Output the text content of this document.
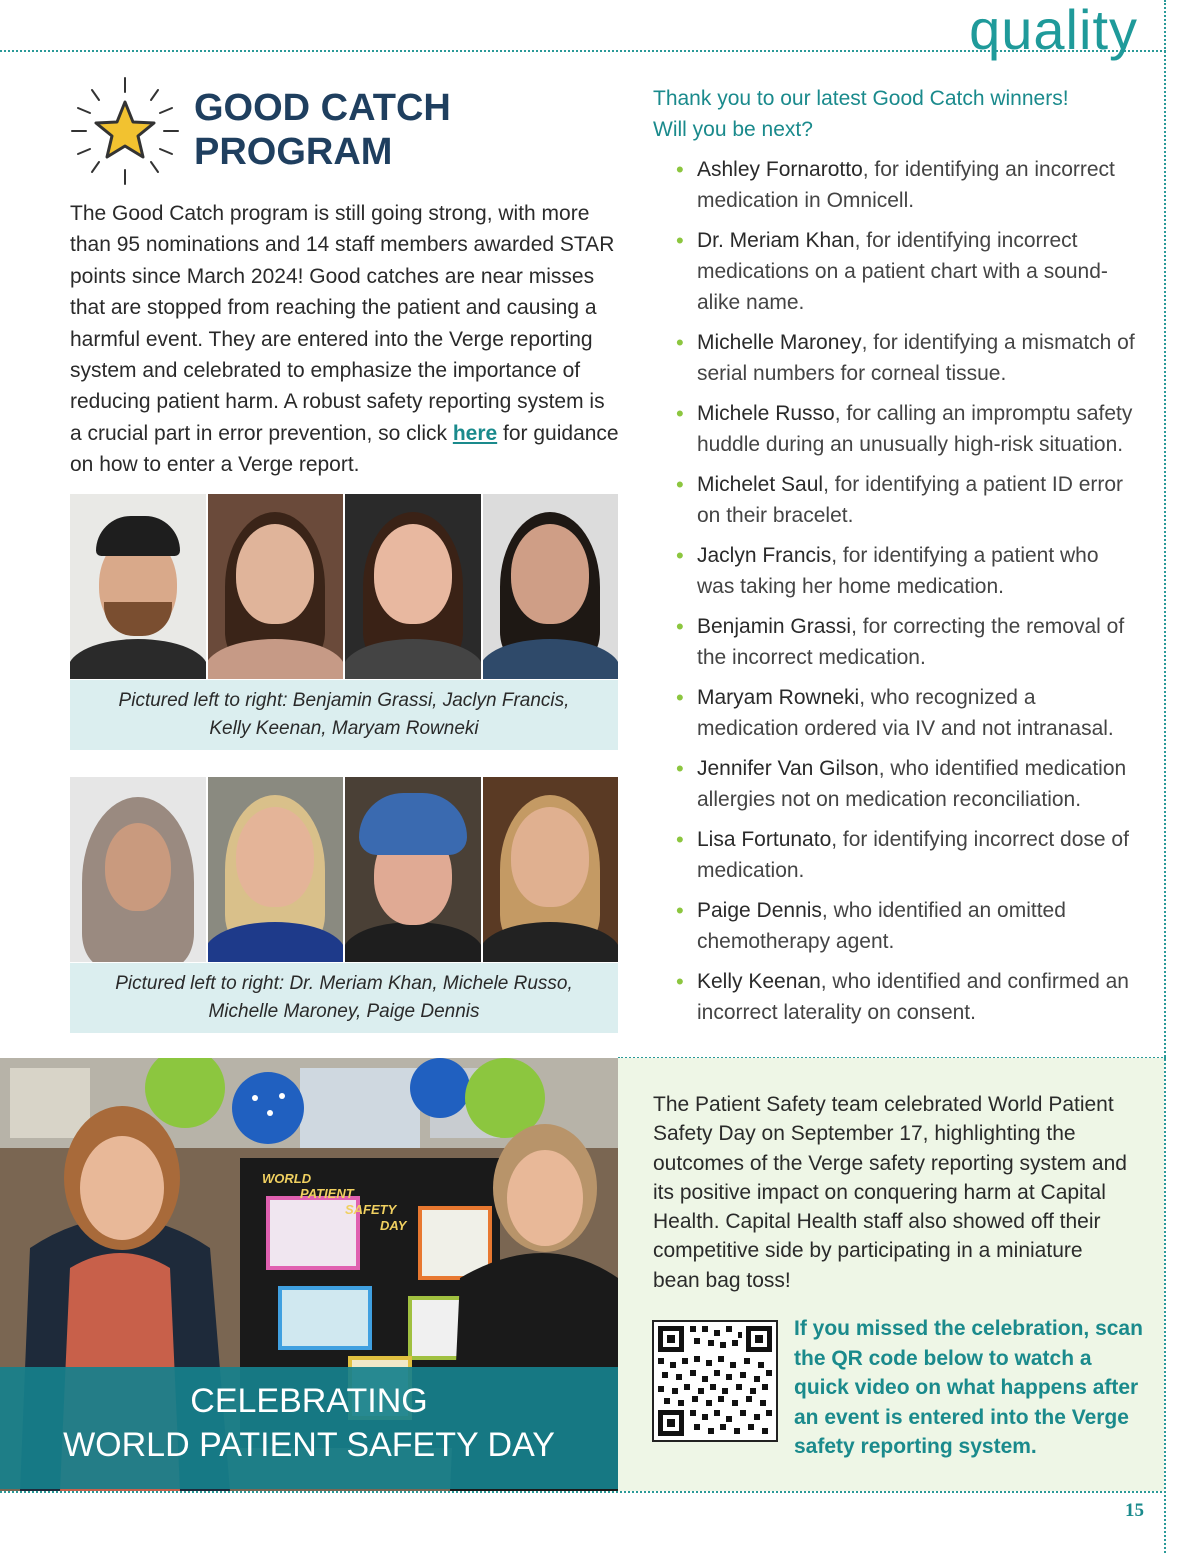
quality
GOOD CATCH
PROGRAM

The Good Catch program is still going strong, with more than 95 nominations and 14 staff members awarded STAR points since March 2024! Good catches are near misses that are stopped from reaching the patient and causing a harmful event. They are entered into the Verge reporting system and celebrated to emphasize the importance of reducing patient harm. A robust safety reporting system is a crucial part in error prevention, so click here for guidance on how to enter a Verge report.

Pictured left to right: Benjamin Grassi, Jaclyn Francis,
Kelly Keenan, Maryam Rowneki
Pictured left to right: Dr. Meriam Khan, Michele Russo,
Michelle Maroney, Paige Dennis
Thank you to our latest Good Catch winners!
Will you be next?
• Ashley Fornarotto, for identifying an incorrect medication in Omnicell.
• Dr. Meriam Khan, for identifying incorrect medications on a patient chart with a sound-alike name.
• Michelle Maroney, for identifying a mismatch of serial numbers for corneal tissue.
• Michele Russo, for calling an impromptu safety huddle during an unusually high-risk situation.
• Michelet Saul, for identifying a patient ID error on their bracelet.
• Jaclyn Francis, for identifying a patient who was taking her home medication.
• Benjamin Grassi, for correcting the removal of the incorrect medication.
• Maryam Rowneki, who recognized a medication ordered via IV and not intranasal.
• Jennifer Van Gilson, who identified medication allergies not on medication reconciliation.
• Lisa Fortunato, for identifying incorrect dose of medication.
• Paige Dennis, who identified an omitted chemotherapy agent.
• Kelly Keenan, who identified and confirmed an incorrect laterality on consent.
WORLD
PATIENT
SAFETY
DAY
CELEBRATING
WORLD PATIENT SAFETY DAY

The Patient Safety team celebrated World Patient Safety Day on September 17, highlighting the outcomes of the Verge safety reporting system and its positive impact on conquering harm at Capital Health. Capital Health staff also showed off their competitive side by participating in a miniature bean bag toss!

If you missed the celebration, scan the QR code below to watch a quick video on what happens after an event is entered into the Verge safety reporting system.

15
